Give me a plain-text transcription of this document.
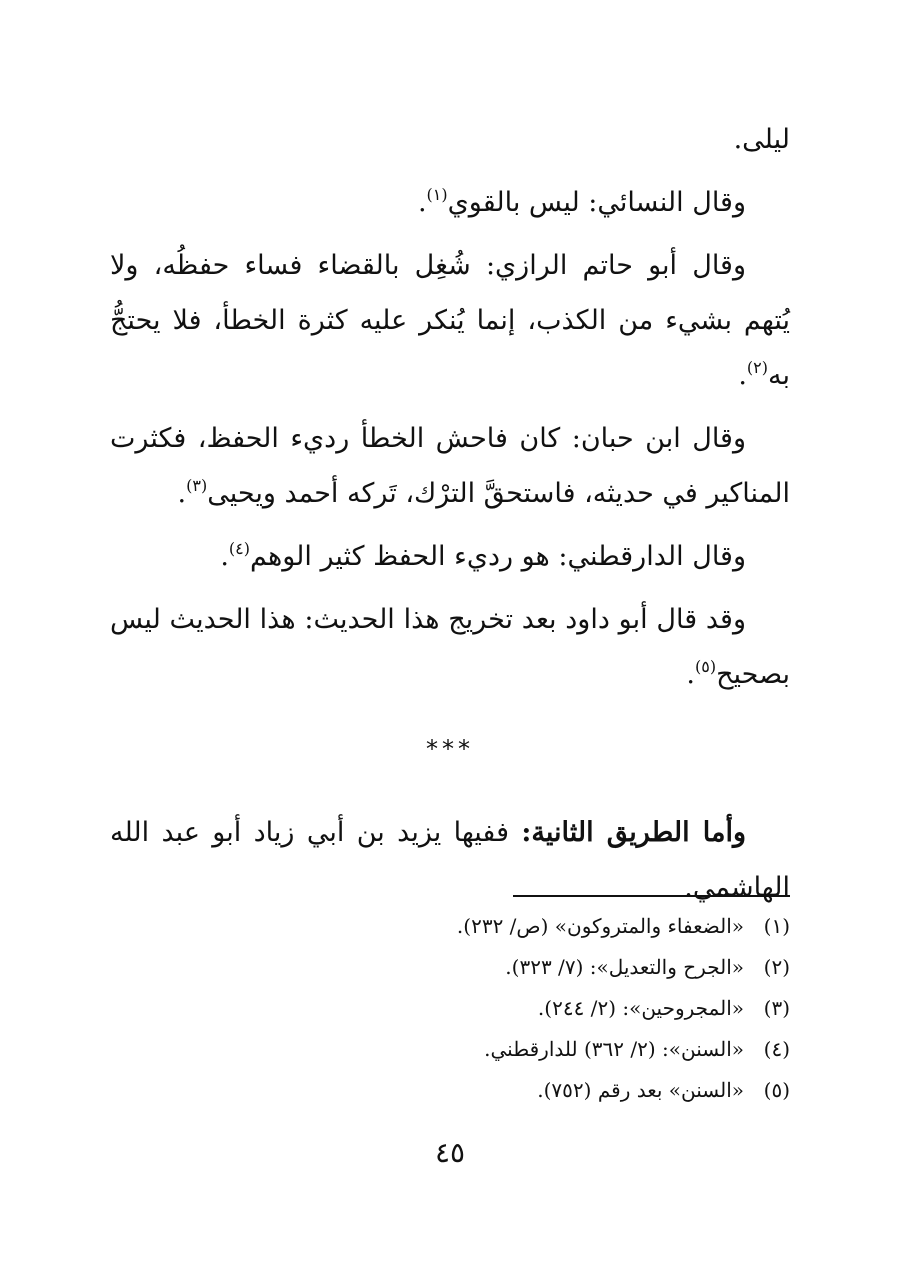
ليلى.

وقال النسائي: ليس بالقوي$^{(١)}$.

وقال أبو حاتم الرازي: شُغِل بالقضاء فساء حفظُه، ولا يُتهم بشيء من الكذب، إنما يُنكر عليه كثرة الخطأ، فلا يحتجُّ به$^{(٢)}$.

وقال ابن حبان: كان فاحش الخطأ رديء الحفظ، فكثرت المناكير في حديثه، فاستحقَّ الترْك، تَركه أحمد ويحيى$^{(٣)}$.

وقال الدارقطني: هو رديء الحفظ كثير الوهم$^{(٤)}$.

وقد قال أبو داود بعد تخريج هذا الحديث: هذا الحديث ليس بصحيح$^{(٥)}$.

***

وأما الطريق الثانية: ففيها يزيد بن أبي زياد أبو عبد الله الهاشمي.

(١)«الضعفاء والمتروكون» (ص/ ٢٣٢).
(٢)«الجرح والتعديل»: (٧/ ٣٢٣).
(٣)«المجروحين»: (٢/ ٢٤٤).
(٤)«السنن»: (٢/ ٣٦٢) للدارقطني.
(٥)«السنن» بعد رقم (٧٥٢).
٤٥
